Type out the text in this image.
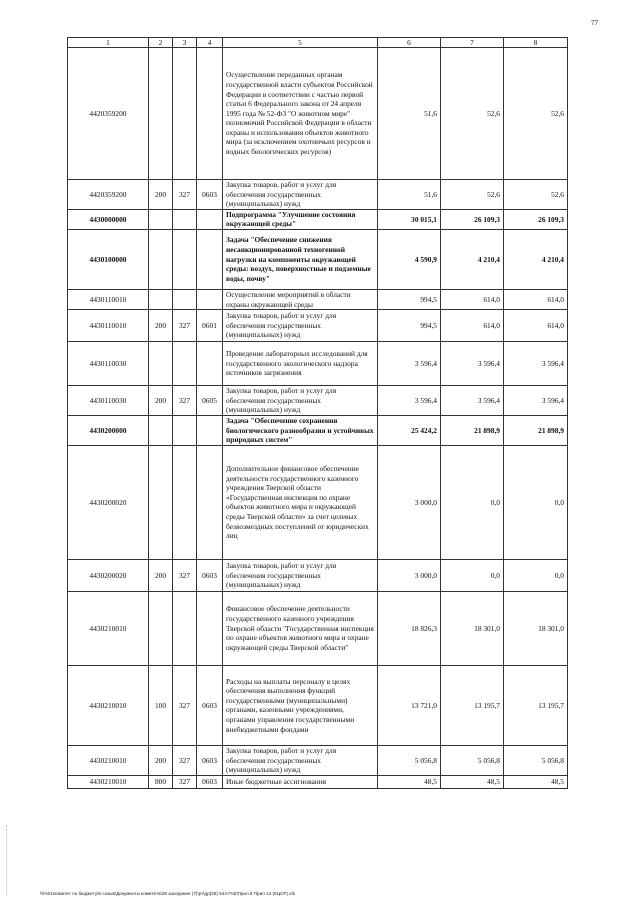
77
1	2	3	4	5	6	7	8
4420359200				Осуществление переданных органам государственной власти субъектов Российской Федерации в соответствии с частью первой статьи 6 Федерального закона от 24 апреля 1995 года № 52-ФЗ "О животном мире" полномочий Российской Федерации в области охраны и использования объектов животного мира (за исключением охотничьих ресурсов и водных биологических ресурсов)	51,6	52,6	52,6
4420359200	200	327	0603	Закупка товаров, работ и услуг для обеспечения государственных (муниципальных) нужд	51,6	52,6	52,6
4430000000				Подпрограмма "Улучшение состояния окружающей среды"	30 015,1	26 109,3	26 109,3
4430100000				Задача "Обеспечение снижения несанкционированной техногенной нагрузки на компоненты окружающей среды: воздух, поверхностные и подземные воды, почву"	4 590,9	4 210,4	4 210,4
4430110010				Осуществление мероприятий в области охраны окружающей среды	994,5	614,0	614,0
4430110010	200	327	0601	Закупка товаров, работ и услуг для обеспечения государственных (муниципальных) нужд	994,5	614,0	614,0
4430110030				Проведение лабораторных исследований для государственного экологического надзора источников загрязнения	3 596,4	3 596,4	3 596,4
4430110030	200	327	0605	Закупка товаров, работ и услуг для обеспечения государственных (муниципальных) нужд	3 596,4	3 596,4	3 596,4
4430200000				Задача "Обеспечение сохранения биологического разнообразия и устойчивых природных систем"	25 424,2	21 898,9	21 898,9
4430200020				Дополнительное финансовое обеспечение деятельности государственного казенного учреждения Тверской области «Государственная инспекция по охране объектов животного мира и окружающей среды Тверской области» за счет целевых безвозмездных поступлений от юридических лиц	3 000,0	0,0	0,0
4430200020	200	327	0603	Закупка товаров, работ и услуг для обеспечения государственных (муниципальных) нужд	3 000,0	0,0	0,0
4430210010				Финансовое обеспечение деятельности государственного казенного учреждения Тверской области "Государственная инспекция по охране объектов животного мира и охране окружающей среды Тверской области"	18 826,3	18 301,0	18 301,0
4430210010	100	327	0603	Расходы на выплаты персоналу в целях обеспечения выполнения функций государственными (муниципальными) органами, казенными учреждениями, органами управления государственными внебюджетными фондами	13 721,0	13 195,7	13 195,7
4430210010	200	327	0603	Закупка товаров, работ и услуг для обеспечения государственных (муниципальных) нужд	5 056,8	5 056,8	5 056,8
4430210010	800	327	0603	Иные бюджетные ассигнования	48,5	48,5	48,5
\\Fs01\комитет по бюджету\6 созыв\Документы комитета\28 заседание (7)\рт\др(28) 544-П-Б\Прил 8 Прил 14 (КЦСР).xls
